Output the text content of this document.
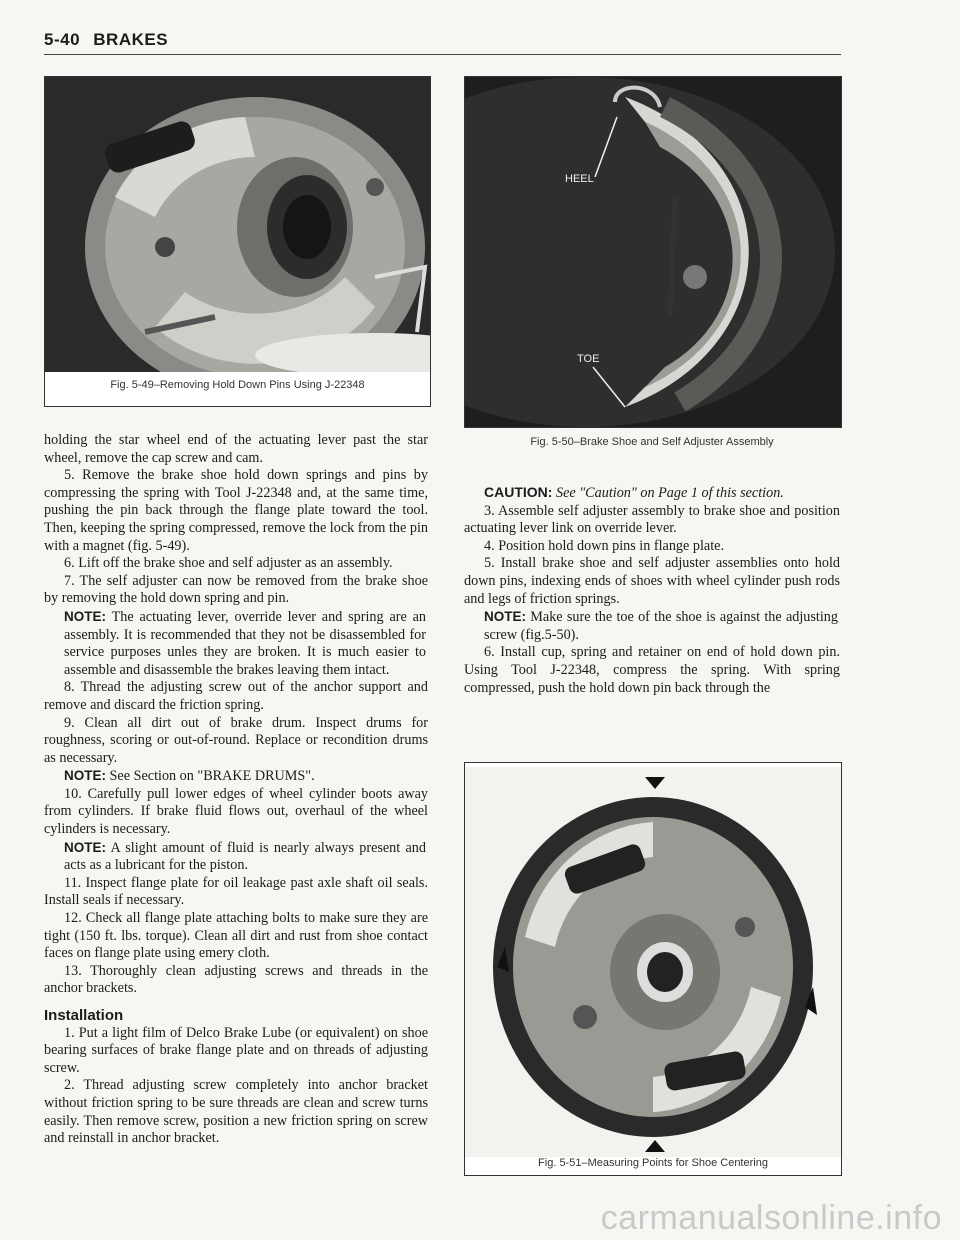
5-40 BRAKES
Fig. 5-49–Removing Hold Down Pins Using J-22348
HEEL
TOE
Fig. 5-50–Brake Shoe and Self Adjuster Assembly
Fig. 5-51–Measuring Points for Shoe Centering

holding the star wheel end of the actuating lever past the star wheel, remove the cap screw and cam.

5. Remove the brake shoe hold down springs and pins by compressing the spring with Tool J-22348 and, at the same time, pushing the pin back through the flange plate toward the tool. Then, keeping the spring compressed, remove the lock from the pin with a magnet (fig. 5-49).

6. Lift off the brake shoe and self adjuster as an assembly.

7. The self adjuster can now be removed from the brake shoe by removing the hold down spring and pin.

NOTE: The actuating lever, override lever and spring are an assembly. It is recommended that they not be disassembled for service purposes unles they are broken. It is much easier to assemble and disassemble the brakes leaving them intact.

8. Thread the adjusting screw out of the anchor support and remove and discard the friction spring.

9. Clean all dirt out of brake drum. Inspect drums for roughness, scoring or out-of-round. Replace or recondition drums as necessary.

NOTE: See Section on "BRAKE DRUMS".

10. Carefully pull lower edges of wheel cylinder boots away from cylinders. If brake fluid flows out, overhaul of the wheel cylinders is necessary.

NOTE: A slight amount of fluid is nearly always present and acts as a lubricant for the piston.

11. Inspect flange plate for oil leakage past axle shaft oil seals. Install seals if necessary.

12. Check all flange plate attaching bolts to make sure they are tight (150 ft. lbs. torque). Clean all dirt and rust from shoe contact faces on flange plate using emery cloth.

13. Thoroughly clean adjusting screws and threads in the anchor brackets.

Installation

1. Put a light film of Delco Brake Lube (or equivalent) on shoe bearing surfaces of brake flange plate and on threads of adjusting screw.

2. Thread adjusting screw completely into anchor bracket without friction spring to be sure threads are clean and screw turns easily. Then remove screw, position a new friction spring on screw and reinstall in anchor bracket.

CAUTION: See "Caution" on Page 1 of this section.

3. Assemble self adjuster assembly to brake shoe and position actuating lever link on override lever.

4. Position hold down pins in flange plate.

5. Install brake shoe and self adjuster assemblies onto hold down pins, indexing ends of shoes with wheel cylinder push rods and legs of friction springs.

NOTE: Make sure the toe of the shoe is against the adjusting screw (fig.5-50).

6. Install cup, spring and retainer on end of hold down pin. Using Tool J-22348, compress the spring. With spring compressed, push the hold down pin back through the

carmanualsonline.info
